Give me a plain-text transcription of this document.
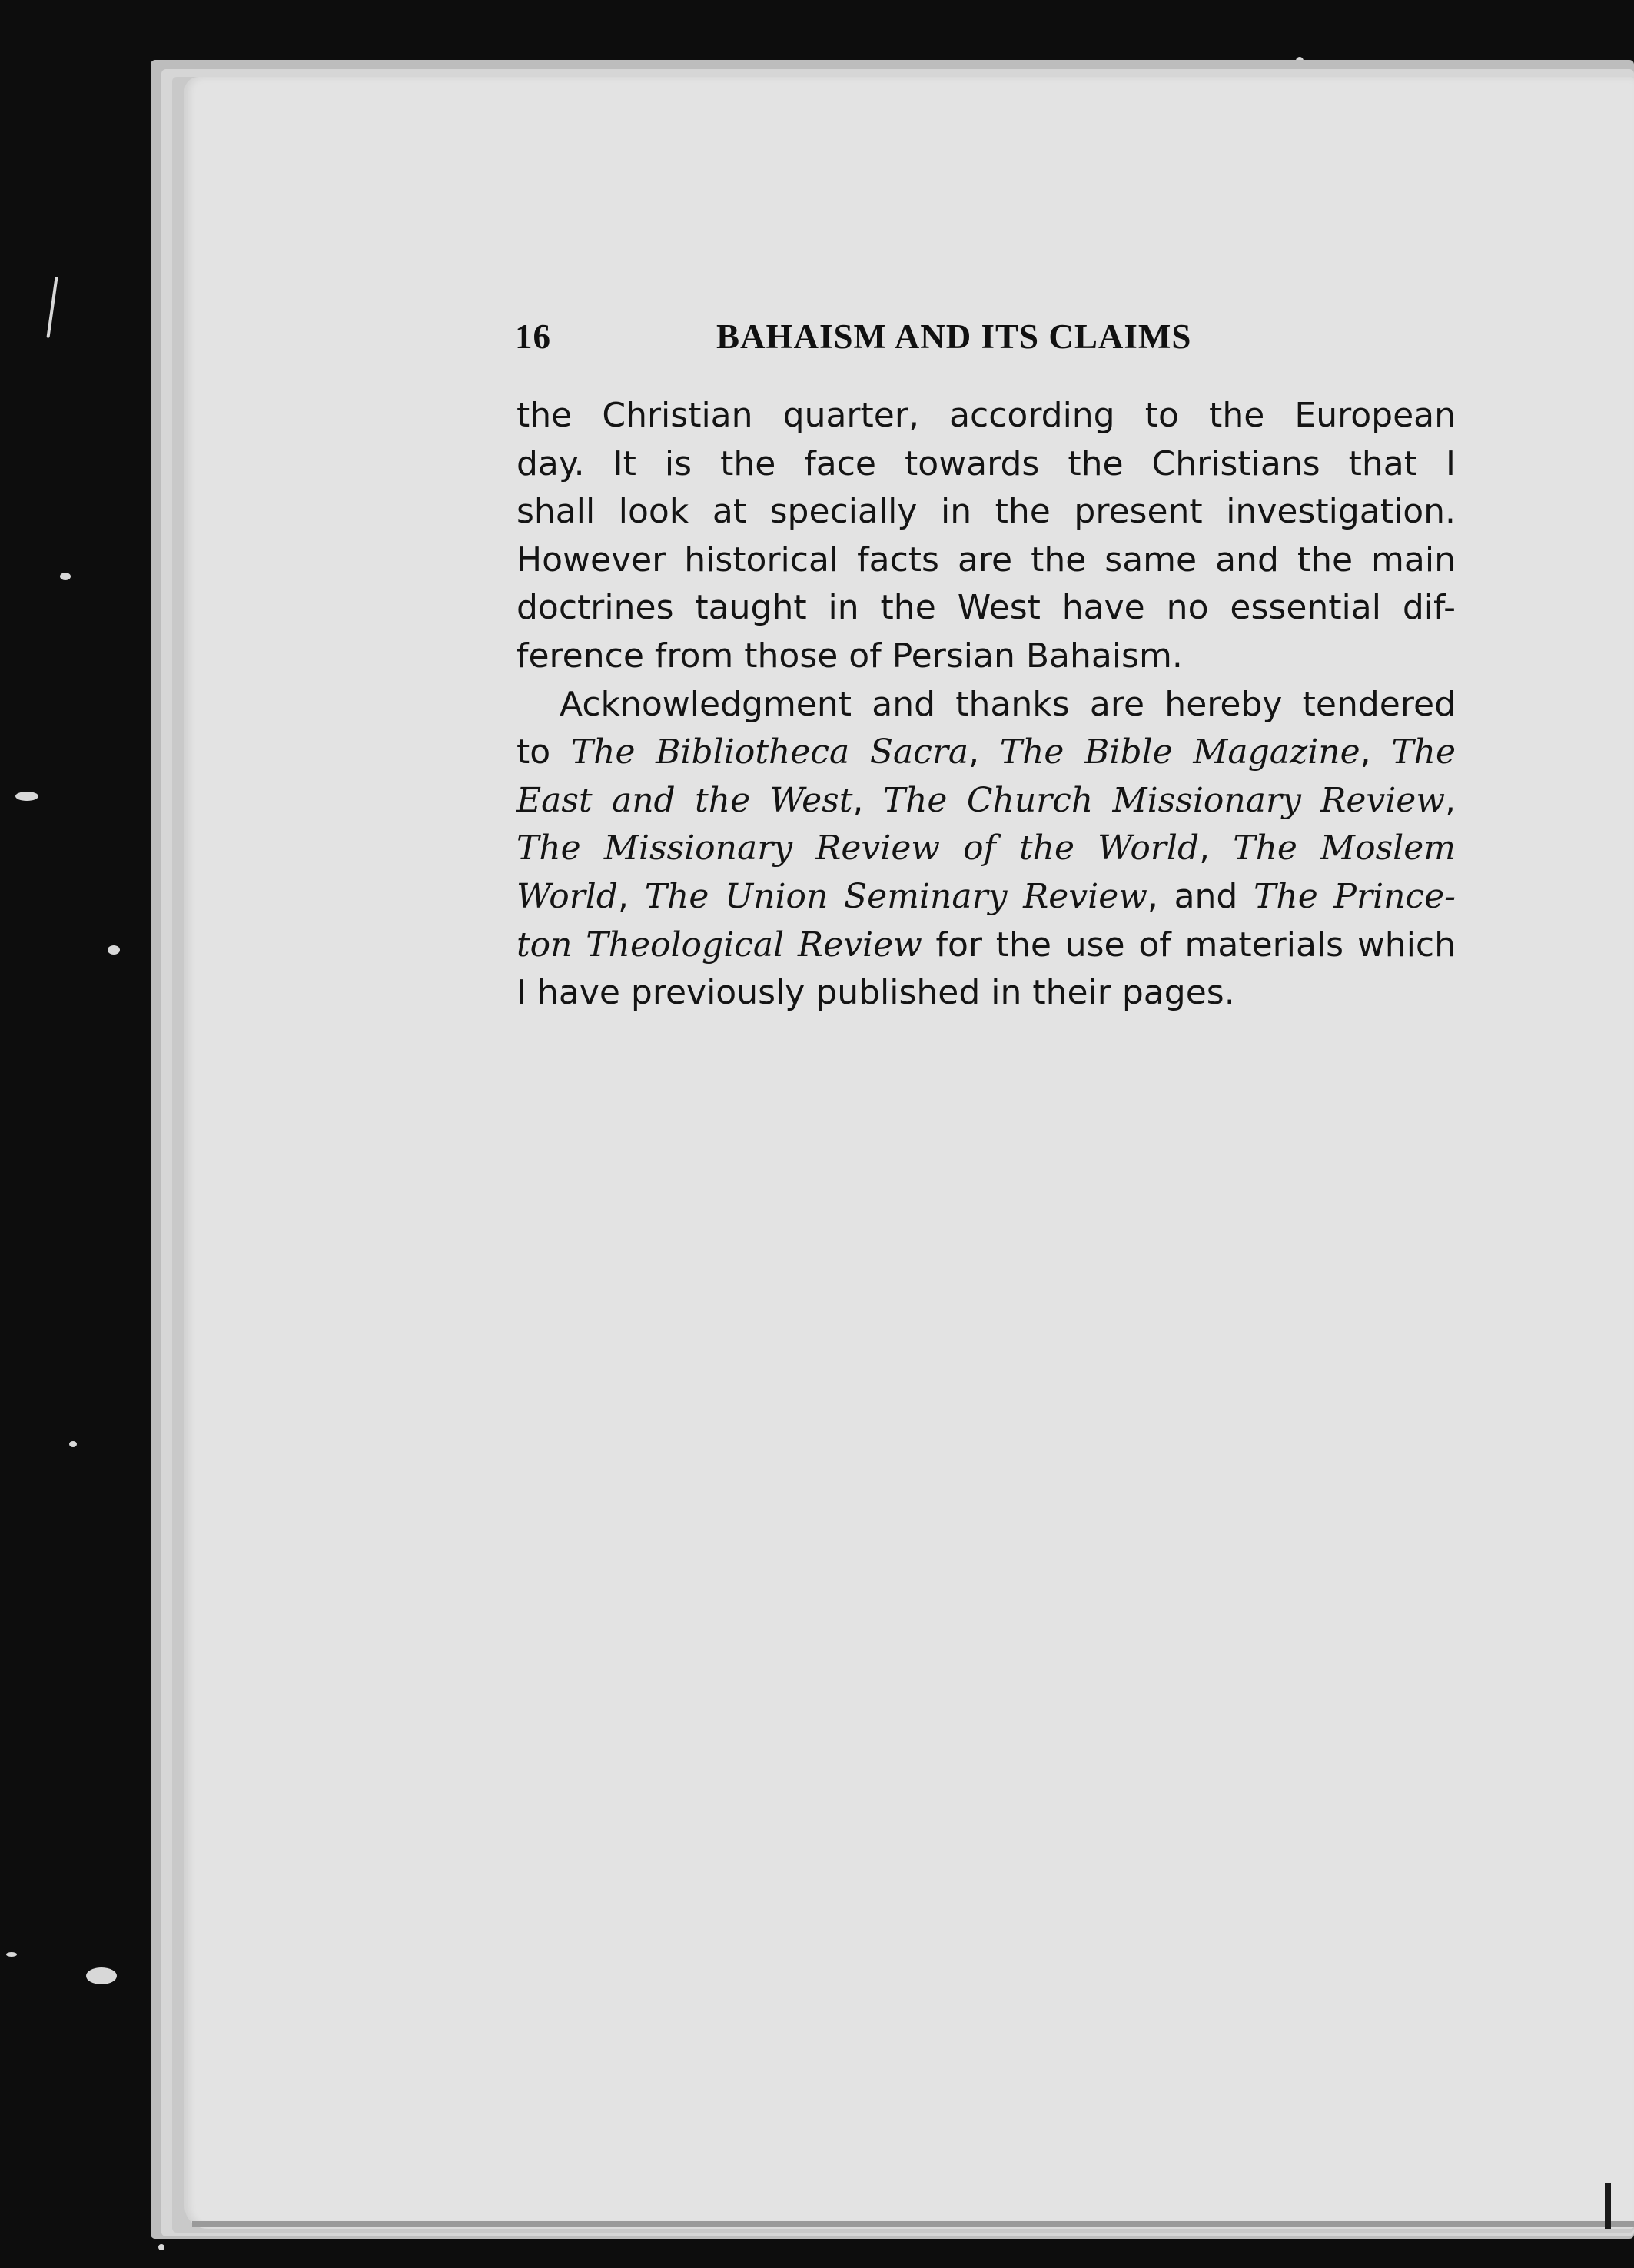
16	BAHAISM AND ITS CLAIMS

the Christian quarter, according to the European
day. It is the face towards the Christians that I
shall look at specially in the present investigation.
However historical facts are the same and the main
doctrines taught in the West have no essential dif-
ference from those of Persian Bahaism.

Acknowledgment and thanks are hereby tendered
to The Bibliotheca Sacra, The Bible Magazine, The
East and the West, The Church Missionary Review,
The Missionary Review of the World, The Moslem
World, The Union Seminary Review, and The Prince-
ton Theological Review for the use of materials which
I have previously published in their pages.
